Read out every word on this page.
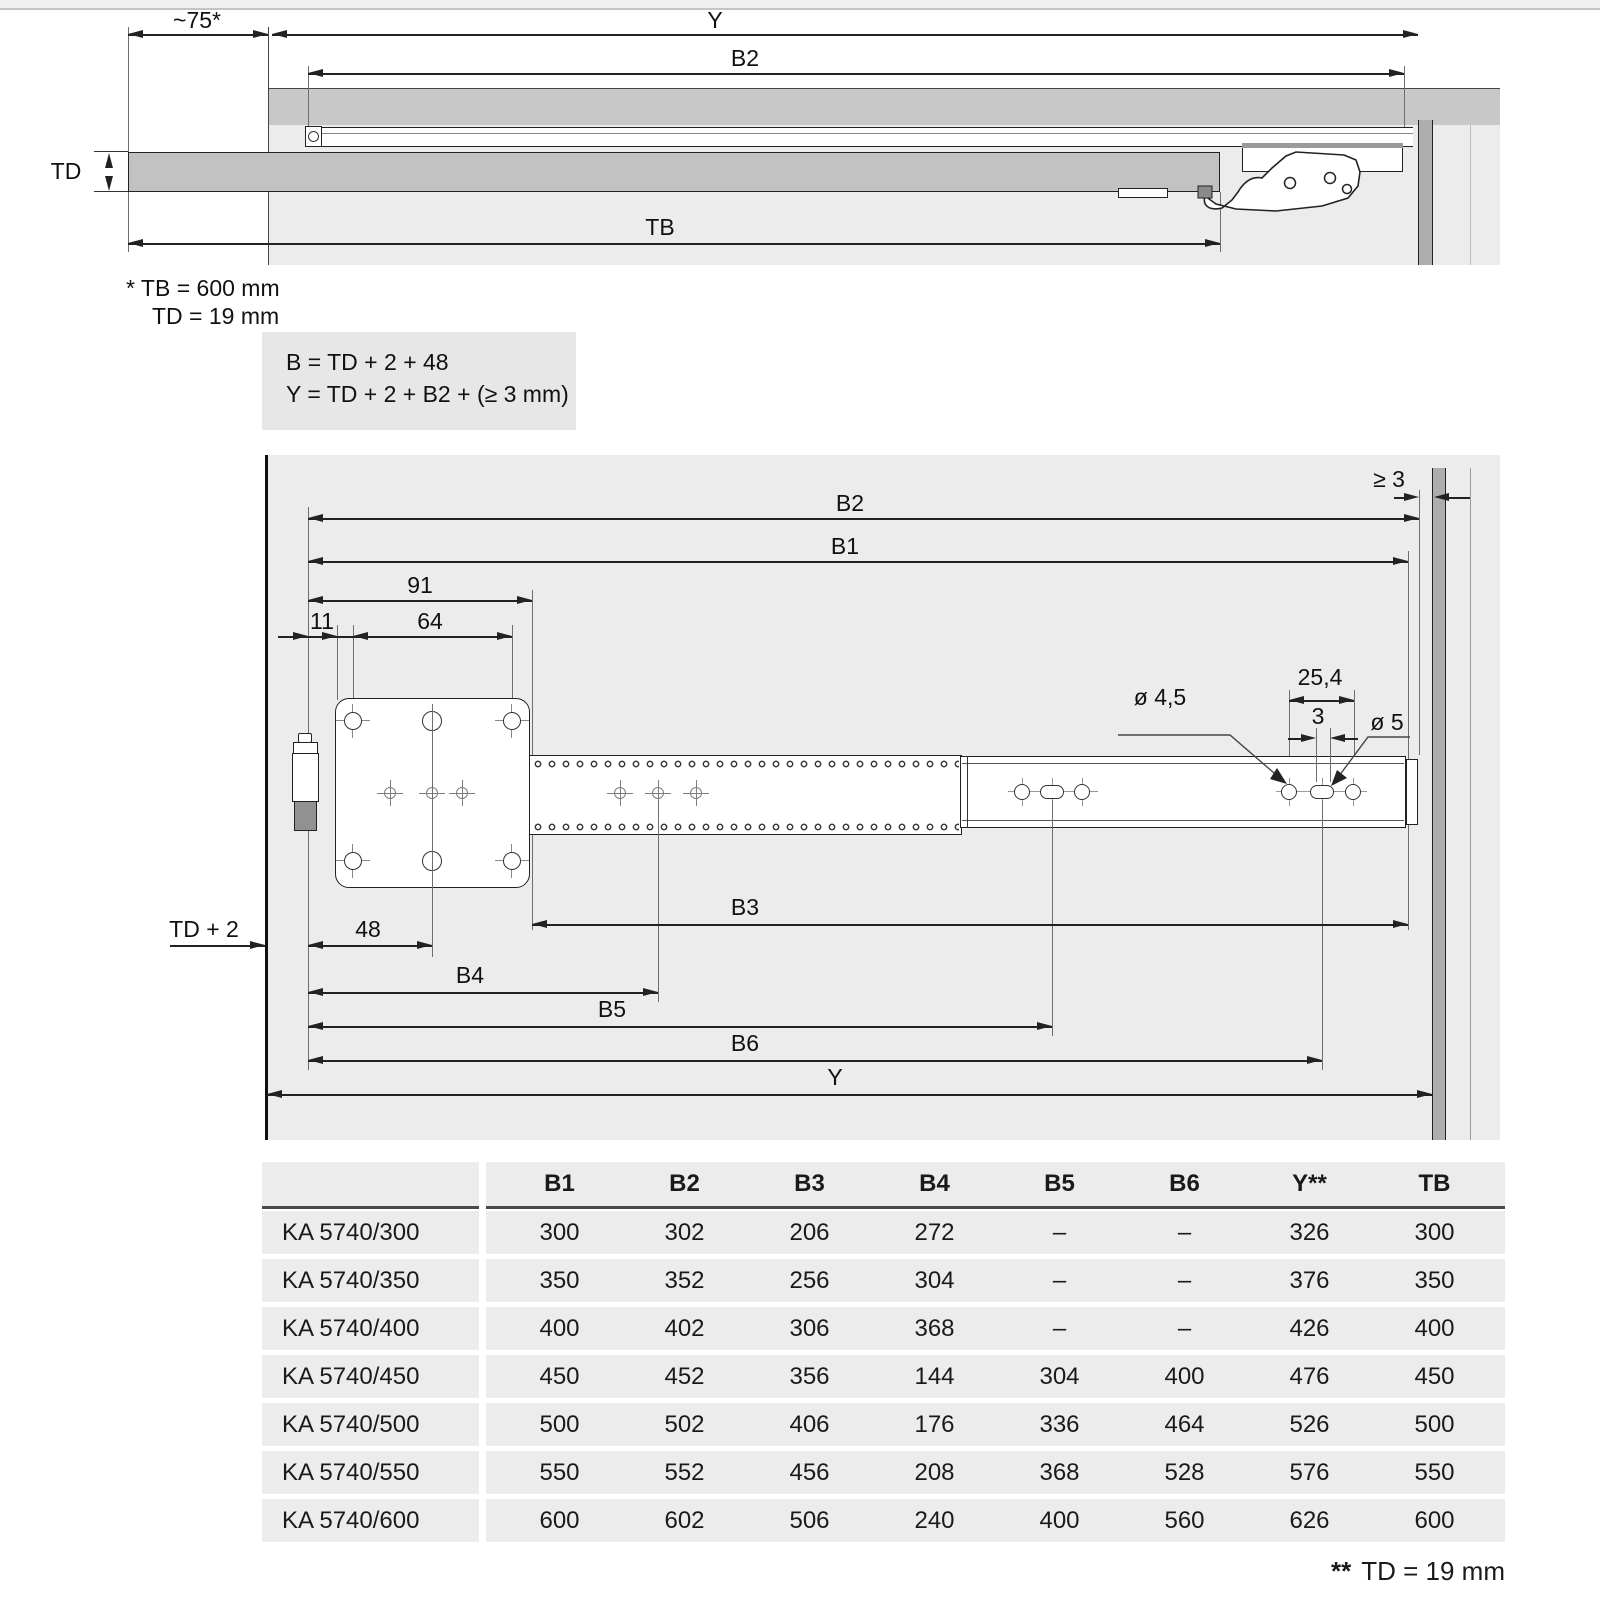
TD
~75*	Y
B2
TB
* TB = 600 mm
TD = 19 mm
B = TD + 2 + 48
Y = TD + 2 + B2 + (≥ 3 mm)
B2
B1
91
11	64
≥ 3
25,4
3
ø 4,5
ø 5
TD + 2	48
B3
B4
B5
B6
Y
B1	B2	B3	B4	B5	B6	Y**	TB
KA 5740/300	300	302	206	272	–	–	326	300
KA 5740/350	350	352	256	304	–	–	376	350
KA 5740/400	400	402	306	368	–	–	426	400
KA 5740/450	450	452	356	144	304	400	476	450
KA 5740/500	500	502	406	176	336	464	526	500
KA 5740/550	550	552	456	208	368	528	576	550
KA 5740/600	600	602	506	240	400	560	626	600
** TD = 19 mm
